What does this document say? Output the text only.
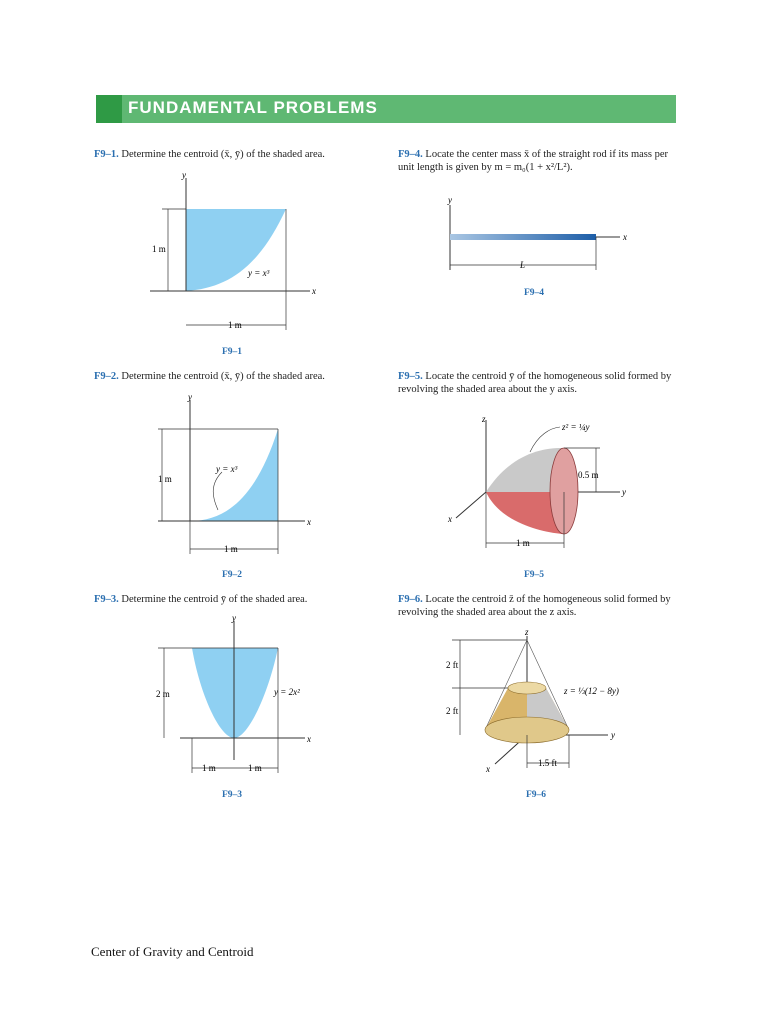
FUNDAMENTAL PROBLEMS
F9–1. Determine the centroid (x̄, ȳ) of the shaded area.
y
x
1 m
1 m
y = x³
F9–1
F9–2. Determine the centroid (x̄, ȳ) of the shaded area.
y
x
1 m
1 m
y = x³
F9–2
F9–3. Determine the centroid ȳ of the shaded area.
y
x
2 m
1 m	1 m
y = 2x²
F9–3
F9–4. Locate the center mass x̄ of the straight rod if its mass per unit length is given by m = m₀(1 + x²/L²).
y
x
L
F9–4
F9–5. Locate the centroid ȳ of the homogeneous solid formed by revolving the shaded area about the y axis.
z
y
x
z² = ¼y
0.5 m
1 m
F9–5
F9–6. Locate the centroid z̄ of the homogeneous solid formed by revolving the shaded area about the z axis.
z
y
x
2 ft
2 ft
z = ⅓(12 − 8y)
1.5 ft
F9–6
Center of Gravity and Centroid
